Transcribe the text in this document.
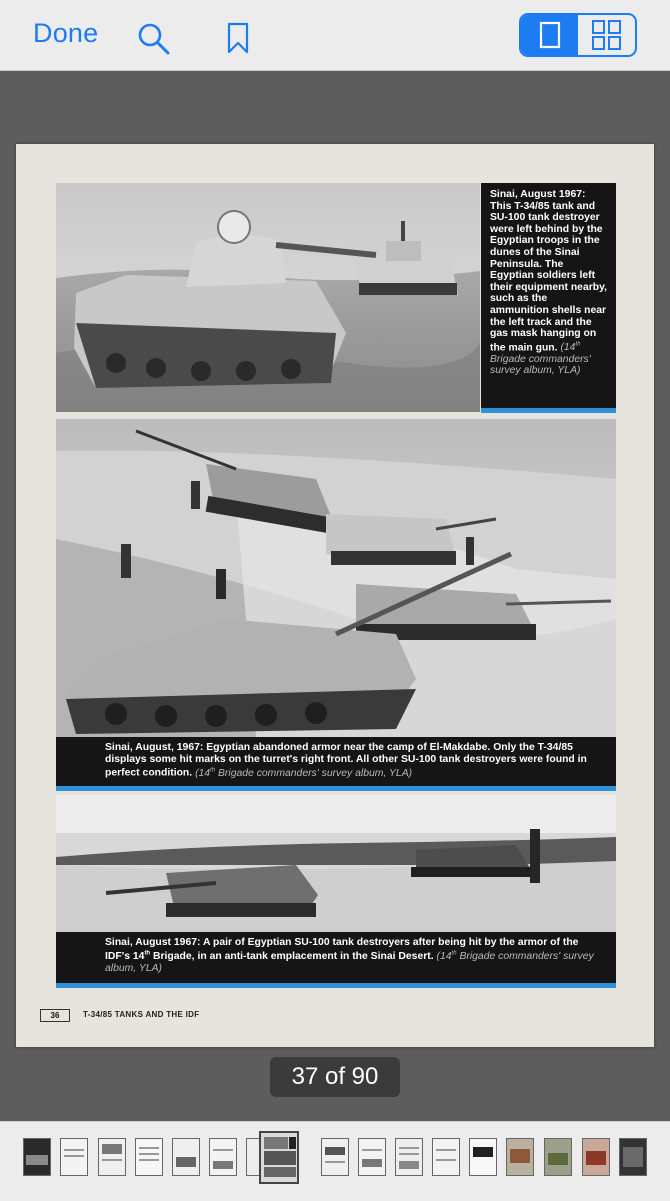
Done
Sinai, August 1967: This T-34/85 tank and SU-100 tank destroyer were left behind by the Egyptian troops in the dunes of the Sinai Peninsula. The Egyptian soldiers left their equipment nearby, such as the ammunition shells near the left track and the gas mask hanging on the main gun. (14th Brigade commanders' survey album, YLA)
Sinai, August, 1967: Egyptian abandoned armor near the camp of El-Makdabe. Only the T-34/85 displays some hit marks on the turret's right front. All other SU-100 tank destroyers were found in perfect condition. (14th Brigade commanders' survey album, YLA)
Sinai, August 1967: A pair of Egyptian SU-100 tank destroyers after being hit by the armor of the IDF's 14th Brigade, in an anti-tank emplacement in the Sinai Desert. (14th Brigade commanders' survey album, YLA)
36	T-34/85 TANKS AND THE IDF
37 of 90
